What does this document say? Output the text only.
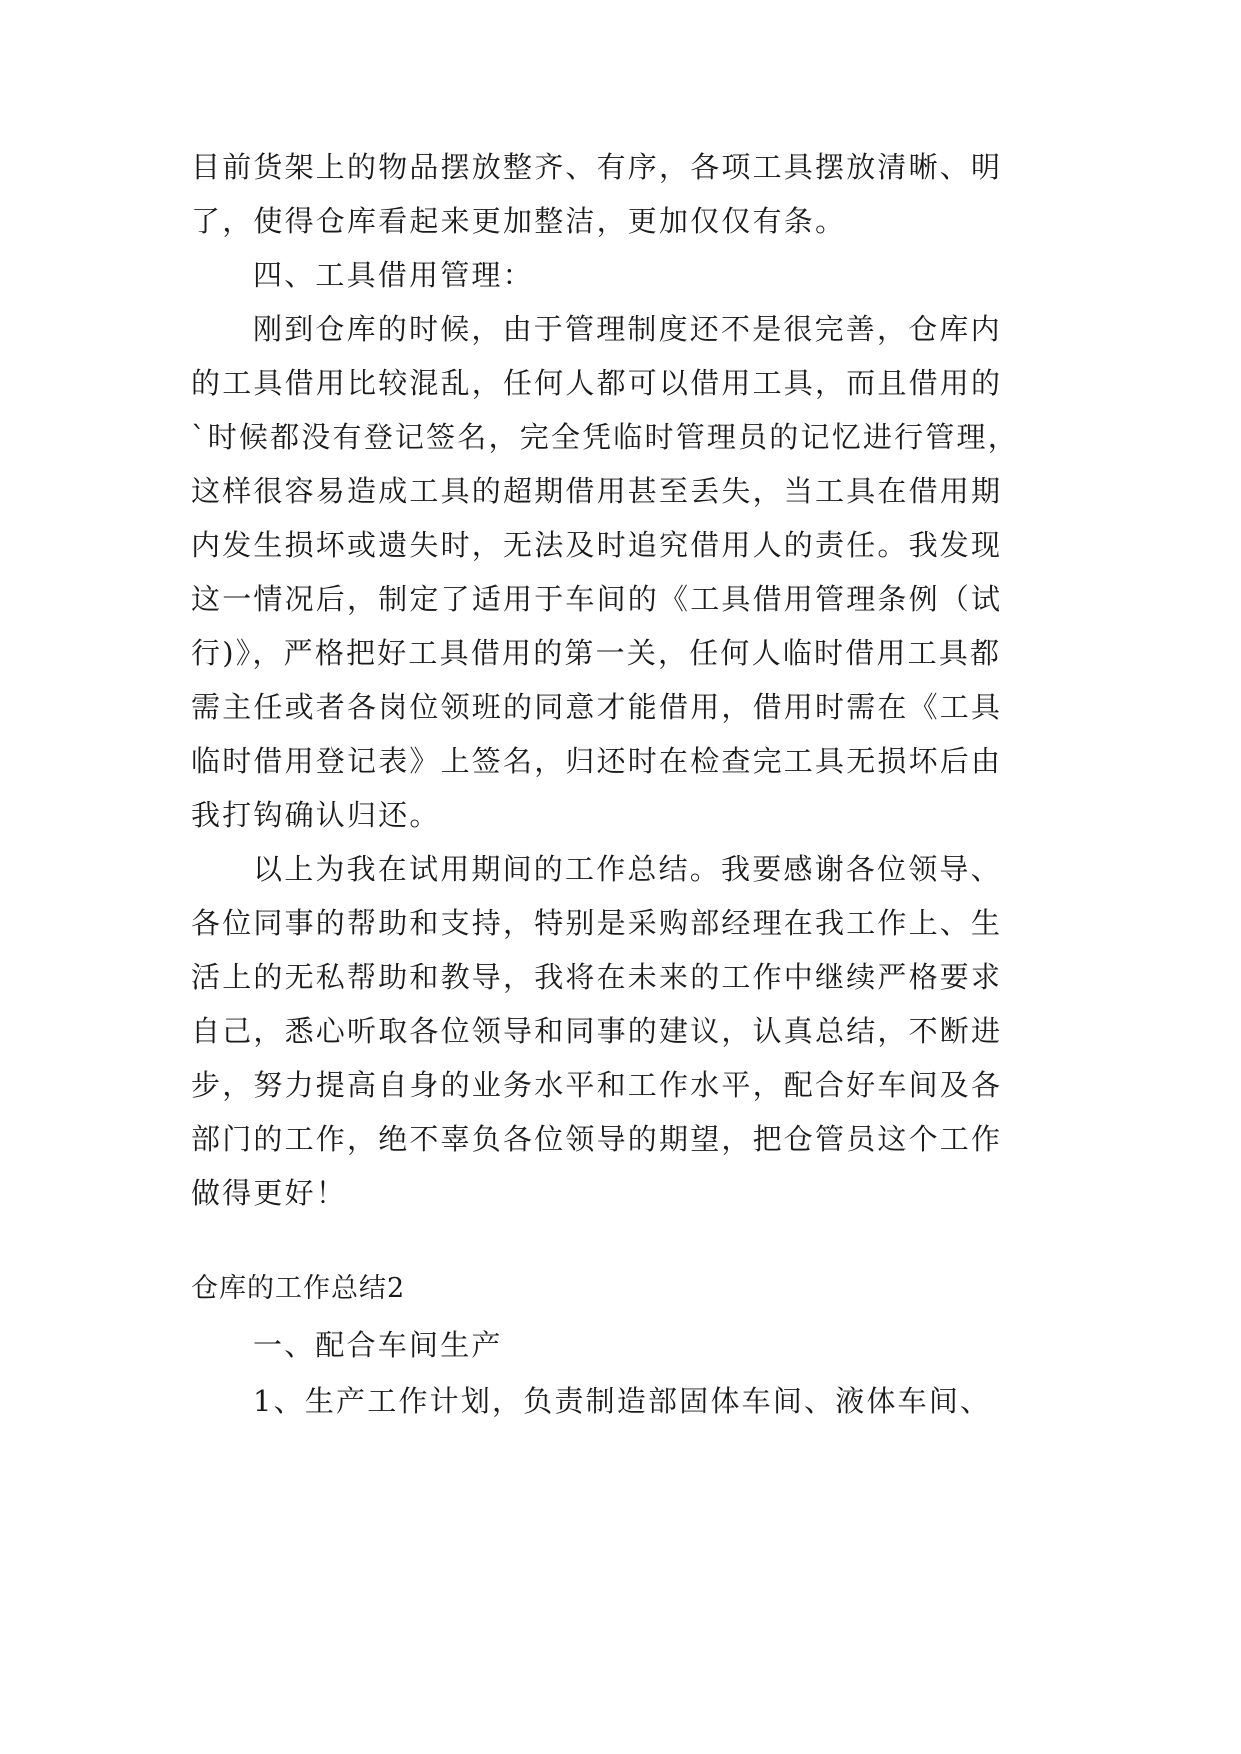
目前货架上的物品摆放整齐、有序，各项工具摆放清晰、明
了，使得仓库看起来更加整洁，更加仅仅有条。
四、工具借用管理：
刚到仓库的时候，由于管理制度还不是很完善，仓库内
的工具借用比较混乱，任何人都可以借用工具，而且借用的
`时候都没有登记签名，完全凭临时管理员的记忆进行管理，
这样很容易造成工具的超期借用甚至丢失，当工具在借用期
内发生损坏或遗失时，无法及时追究借用人的责任。我发现
这一情况后，制定了适用于车间的《工具借用管理条例（试
行)》，严格把好工具借用的第一关，任何人临时借用工具都
需主任或者各岗位领班的同意才能借用，借用时需在《工具
临时借用登记表》上签名，归还时在检查完工具无损坏后由
我打钩确认归还。
以上为我在试用期间的工作总结。我要感谢各位领导、
各位同事的帮助和支持，特别是采购部经理在我工作上、生
活上的无私帮助和教导，我将在未来的工作中继续严格要求
自己，悉心听取各位领导和同事的建议，认真总结，不断进
步，努力提高自身的业务水平和工作水平，配合好车间及各
部门的工作，绝不辜负各位领导的期望，把仓管员这个工作
做得更好！
仓库的工作总结2
一、配合车间生产
1、生产工作计划，负责制造部固体车间、液体车间、
